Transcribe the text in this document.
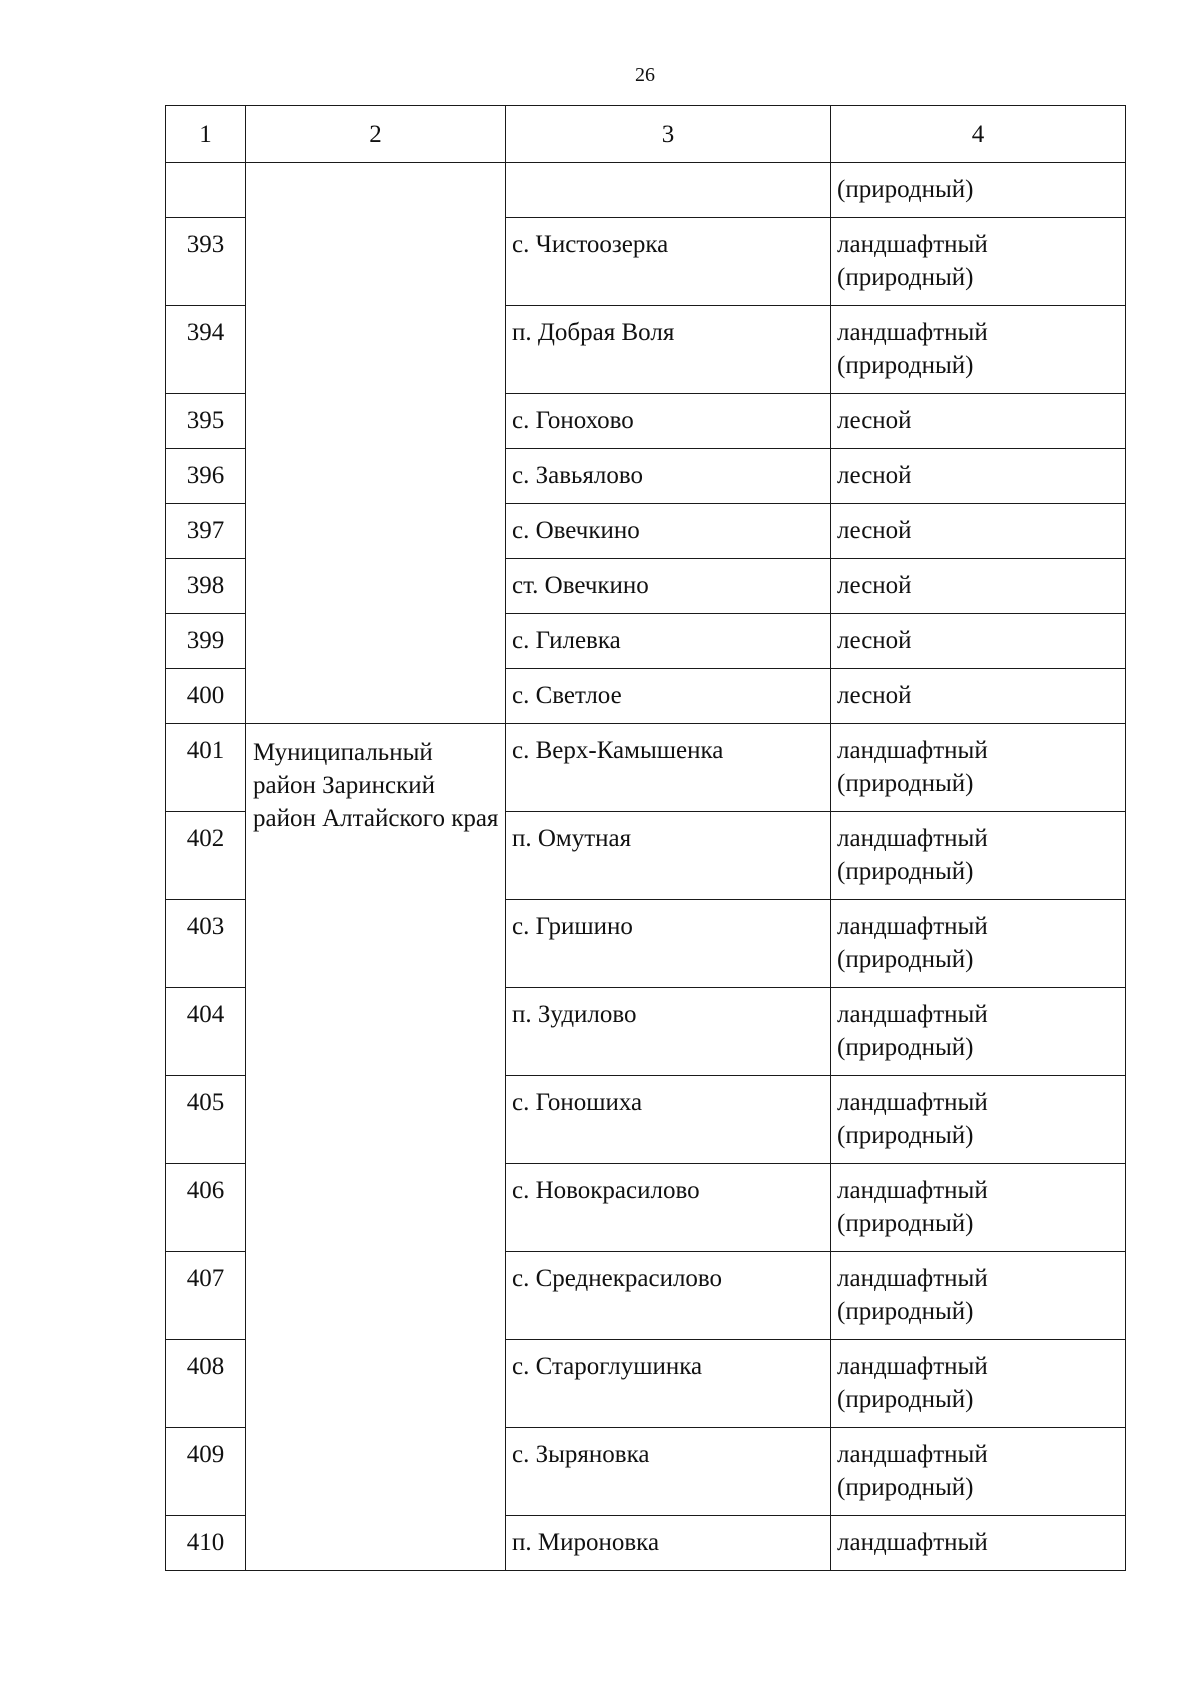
26
1	2	3	4
			(природный)
393		с. Чистоозерка	ландшафтный (природный)
394		п. Добрая Воля	ландшафтный (природный)
395		с. Гонохово	лесной
396		с. Завьялово	лесной
397		с. Овечкино	лесной
398		ст. Овечкино	лесной
399		с. Гилевка	лесной
400		с. Светлое	лесной
401	Муниципальный район Заринский район Алтайского края	с. Верх-Камышенка	ландшафтный (природный)
402		п. Омутная	ландшафтный (природный)
403		с. Гришино	ландшафтный (природный)
404		п. Зудилово	ландшафтный (природный)
405		с. Гоношиха	ландшафтный (природный)
406		с. Новокрасилово	ландшафтный (природный)
407		с. Среднекрасилово	ландшафтный (природный)
408		с. Староглушинка	ландшафтный (природный)
409		с. Зыряновка	ландшафтный (природный)
410		п. Мироновка	ландшафтный
